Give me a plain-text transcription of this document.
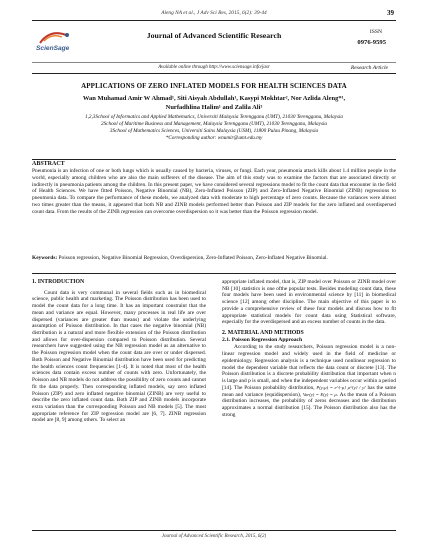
Aleng NA et al., J Adv Sci Res, 2015, 6(2): 39-44	39
ScienSage
Journal of Advanced Scientific Research
Available online through http://www.sciensage.info/jasr
ISSN
0976-9595
Research Article
APPLICATIONS OF ZERO INFLATED MODELS FOR HEALTH SCIENCES DATA
Wan Muhamad Amir W Ahmad¹, Siti Aisyah Abdullah¹, Kasypi Mokhtar², Nor Azlida Aleng*¹,
Nurfadhlina Halim¹ and Zalila Ali³
1,2,3School of Informatics and Applied Mathematics, Universiti Malaysia Terengganu (UMT), 21030 Terengganu, Malaysia
2School of Maritime Business and Management, Malaysia Terengganu (UMT), 21030 Terengganu, Malaysia
3School of Mathematics Sciences, Universiti Sains Malaysia (USM), 11800 Pulau Pinang, Malaysia
*Corresponding author: wnumir@umt.edu.my
ABSTRACT
Pneumonia is an infection of one or both lungs which is usually caused by bacteria, viruses, or fungi. Each year, pneumonia attack kills about 1.4 million people in the world, especially among children who are also the main sufferers of the disease. The aim of this study was to examine the factors that are associated directly or indirectly in pneumonia patients among the children. In this present paper, we have considered several regressions model to fit the count data that encounter in the field of Health Sciences. We have fitted Poisson, Negative Binomial (NB), Zero-Inflated Poisson (ZIP) and Zero-Inflated Negative Binomial (ZINB) regressions to pneumonia data. To compare the performance of these models, we analyzed data with moderate to high percentage of zero counts. Because the variances were almost two times greater than the means, it appeared that both NB and ZINB models performed better than Poisson and ZIP models for the zero inflated and overdispersed count data. From the results of the ZINB regression can overcome overdispersion so it was better than the Poisson regression model.
Keywords: Poisson regression, Negative Binomial Regression, Overdispersion, Zero-Inflated Poisson, Zero-Inflated Negative Binomial.
1. INTRODUCTION

Count data is very communal in several fields such as in biomedical science, public health and marketing. The Poisson distribution has been used to model the count data for a long time. It has an important constraint that the mean and variance are equal. However, many processes in real life are over dispersed (variances are greater than means) and violate the underlying assumption of Poisson distribution. In that cases the negative binomial (NB) distribution is a natural and more flexible extension of the Poisson distribution and allows for over-dispersion compared to Poisson distribution. Several researchers have suggested using the NB regression model as an alternative to the Poisson regression model when the count data are over or under dispersed. Both Poisson and Negative Binomial distribution have been used for predicting the health sciences count frequencies [1-4]. It is noted that most of the health sciences data contain excess number of counts with zero. Unfortunately, the Poisson and NB models do not address the possibility of zero counts and cannot fit the data properly. Then corresponding inflated models, say zero inflated Poisson (ZIP) and zero inflated negative binomial (ZINB) are very useful to describe the zero inflated count data. Both ZIP and ZINB models incorporate extra variation than the corresponding Poisson and NB models [5]. The most appropriate reference for ZIP regression model are [6, 7]. ZINB regression model are [8, 9] among others. To select an

appropriate inflated model, that is, ZIP model over Poisson or ZINB model over NB [10] statistics is one ofthe popular tests. Besides modeling count data, these four models have been used in environmental science by [11] in biomedical science [12] among other discipline. The main objective of this paper is to provide a comprehensive review of these four models and discuss how to fit appropriate statistical models for count data using Statistical software, especially for the overdispersed and an excess number of counts in the data.

2. MATERIAL AND METHODS
2.1. Poisson Regression Approach

According to the study researchers, Poisson regression model is a non-linear regression model and widely used in the field of medicine or epidemiology. Regression analysis is a technique used nonlinear regression to model the dependent variable that reflects the data count or discrete [13]. The Poisson distribution is a discrete probability distribution that important when n is large and p is small, and when the independent variables occur within a period [14]. The Poisson probability distribution, P(y;μ) = e^{-μ} μ^{y} / y! has the same mean and variance (equidispersion), Var(y) = E(y) = μ. As the mean of a Poisson distribution increases, the probability of zeros decreases and the distribution approximates a normal distribution [15]. The Poisson distribution also has the strong

Journal of Advanced Scientific Research, 2015, 6(2)
